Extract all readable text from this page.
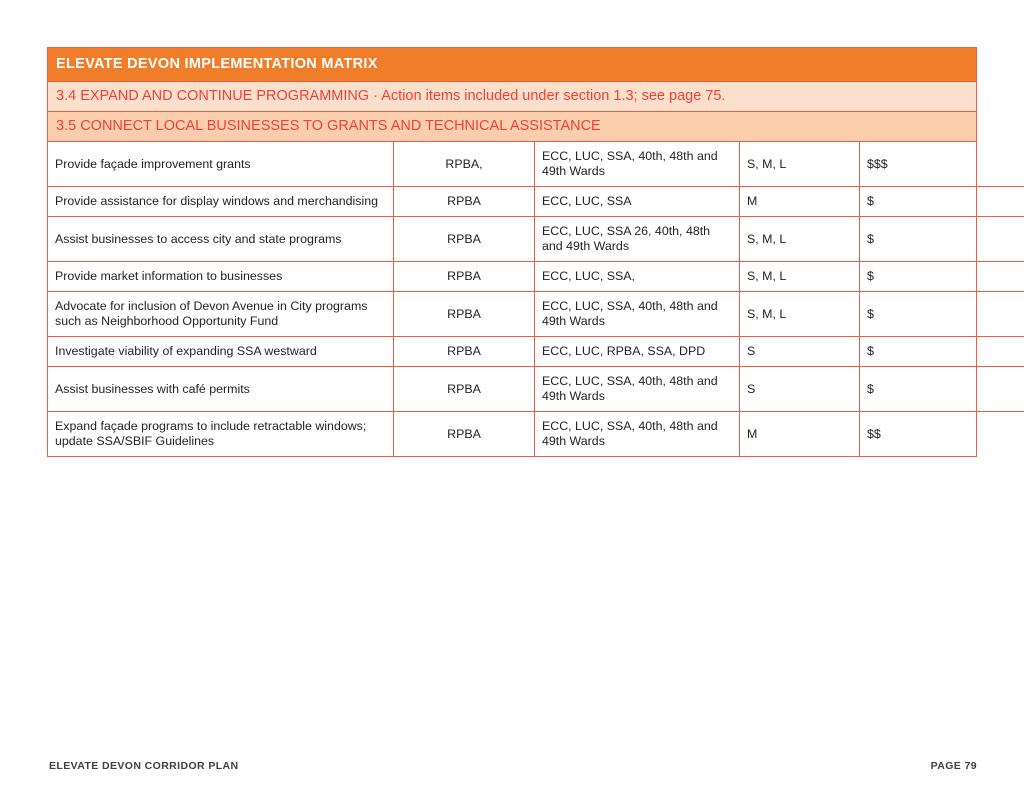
ELEVATE DEVON IMPLEMENTATION MATRIX
3.4 EXPAND AND CONTINUE PROGRAMMING · Action items included under section 1.3; see page 75.
3.5 CONNECT LOCAL BUSINESSES TO GRANTS AND TECHNICAL ASSISTANCE
Provide façade improvement grants	RPBA,	ECC, LUC, SSA, 40th, 48th and 49th Wards	S, M, L	$$$
Provide assistance for display windows and merchandising	RPBA	ECC, LUC, SSA	M	$
Assist businesses to access city and state programs	RPBA	ECC, LUC, SSA 26, 40th, 48th and 49th Wards	S, M, L	$
Provide market information to businesses	RPBA	ECC, LUC, SSA,	S, M, L	$
Advocate for inclusion of Devon Avenue in City programs such as Neighborhood Opportunity Fund	RPBA	ECC, LUC, SSA, 40th, 48th and 49th Wards	S, M, L	$
Investigate viability of expanding SSA westward	RPBA	ECC, LUC, RPBA, SSA, DPD	S	$
Assist businesses with café permits	RPBA	ECC, LUC, SSA, 40th, 48th and 49th Wards	S	$
Expand façade programs to include retractable windows; update SSA/SBIF Guidelines	RPBA	ECC, LUC, SSA, 40th, 48th and 49th Wards	M	$$
ELEVATE DEVON CORRIDOR PLAN	PAGE 79
